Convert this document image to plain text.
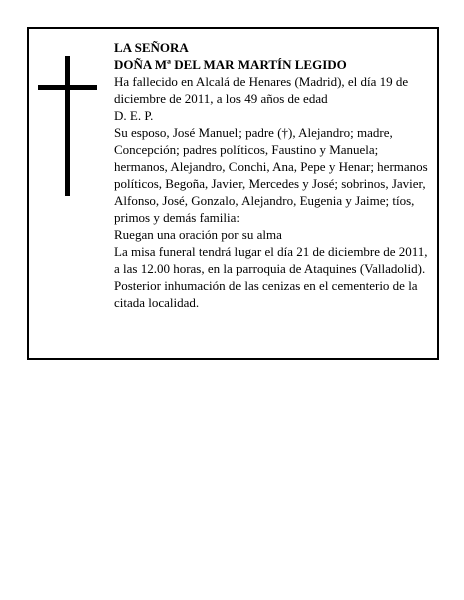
LA SEÑORA

DOÑA Mª DEL MAR MARTÍN LEGIDO

Ha fallecido en Alcalá de Henares (Madrid), el día 19 de diciembre de 2011, a los 49 años de edad

D. E. P.

Su esposo, José Manuel; padre (†), Alejandro; madre, Concepción; padres políticos, Faustino y Manuela; hermanos, Alejandro, Conchi, Ana, Pepe y Henar; hermanos políticos, Begoña, Javier, Mercedes y José; sobrinos, Javier, Alfonso, José, Gonzalo, Alejandro, Eugenia y Jaime; tíos, primos y demás familia:

Ruegan una oración por su alma

La misa funeral tendrá lugar el día 21 de diciembre de 2011, a las 12.00 horas, en la parroquia de Ataquines (Valladolid). Posterior inhumación de las cenizas en el cementerio de la citada localidad.
